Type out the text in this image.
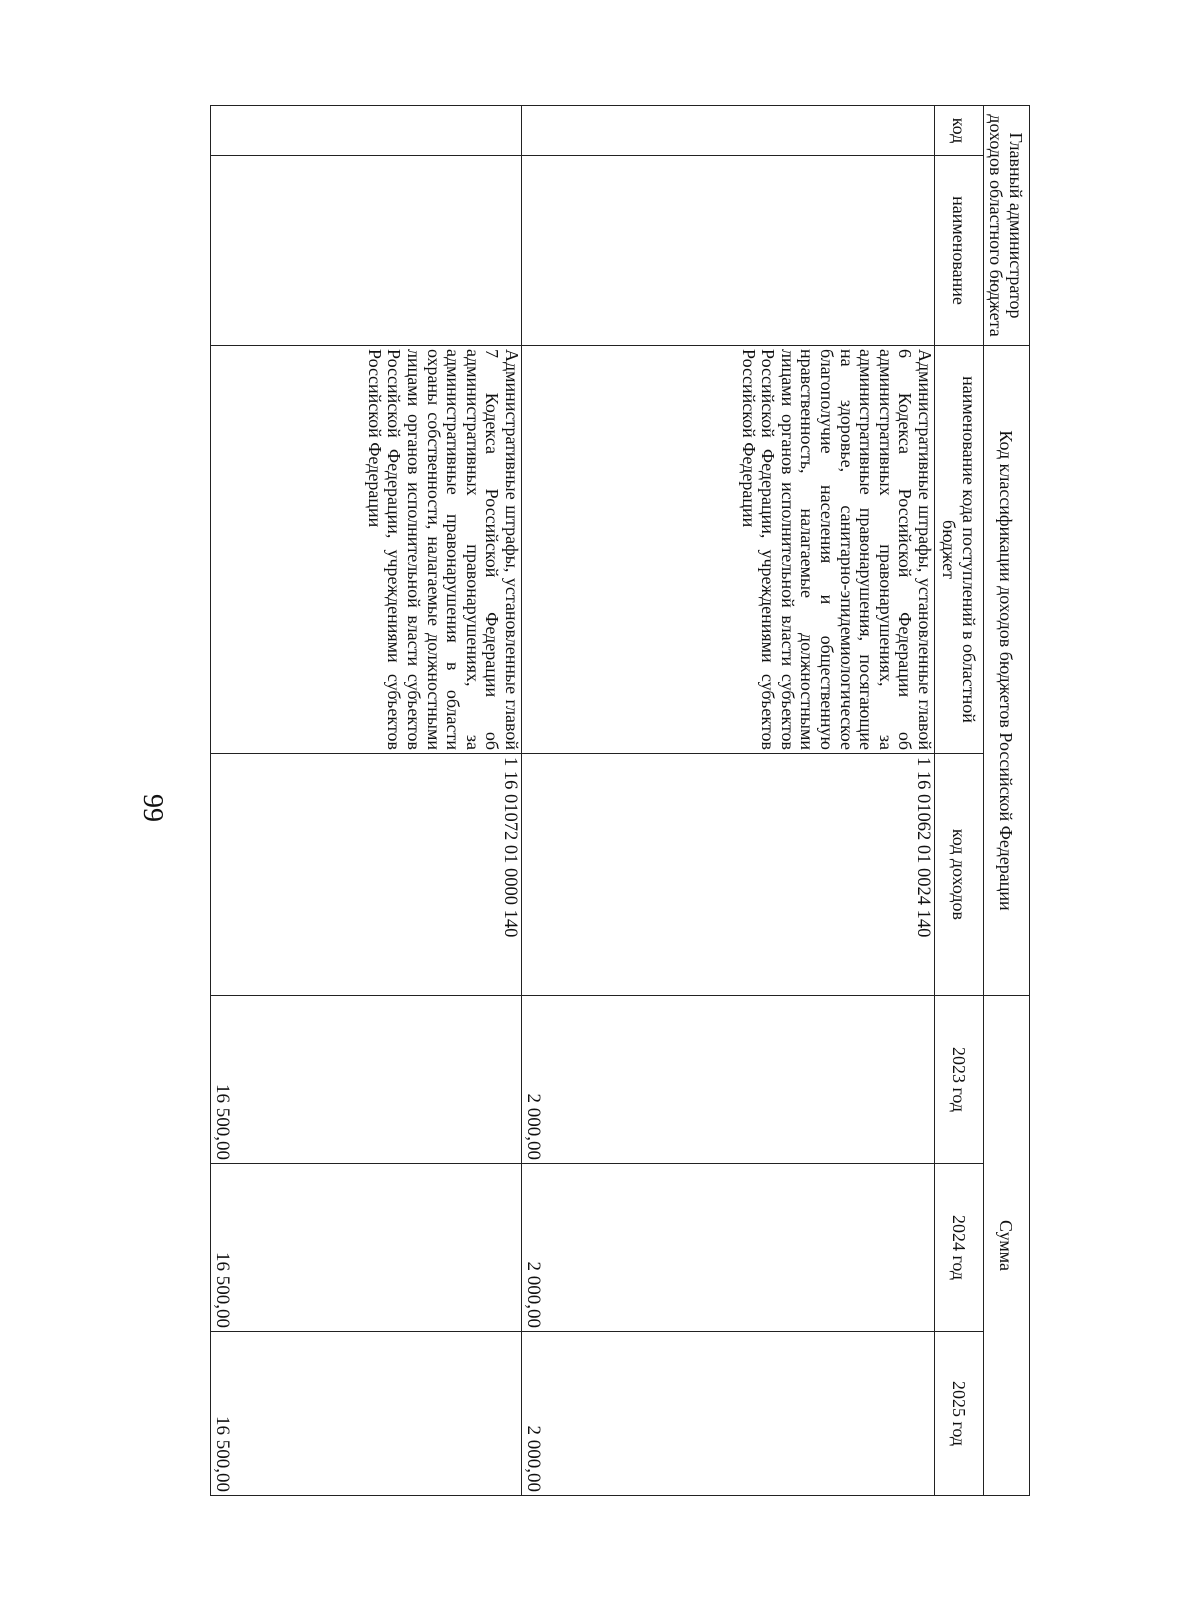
99
Главный администратор доходов областного бюджета		Код классификации доходов бюджетов Российской Федерации		Сумма		
код	наименование	наименование кода поступлений в областной бюджет	код доходов	2023 год	2024 год	2025 год
		Административные штрафы, установленные главой 6 Кодекса Российской Федерации об административных правонарушениях, за административные правонарушения, посягающие на здоровье, санитарно-эпидемиологическое благополучие населения и общественную нравственность, налагаемые должностными лицами органов исполнительной власти субъектов Российской Федерации, учреждениями субъектов Российской Федерации	1 16 01062 01 0024 140	2 000,00	2 000,00	2 000,00
		Административные штрафы, установленные главой 7 Кодекса Российской Федерации об административных правонарушениях, за административные правонарушения в области охраны собственности, налагаемые должностными лицами органов исполнительной власти субъектов Российской Федерации, учреждениями субъектов Российской Федерации	1 16 01072 01 0000 140	16 500,00	16 500,00	16 500,00
